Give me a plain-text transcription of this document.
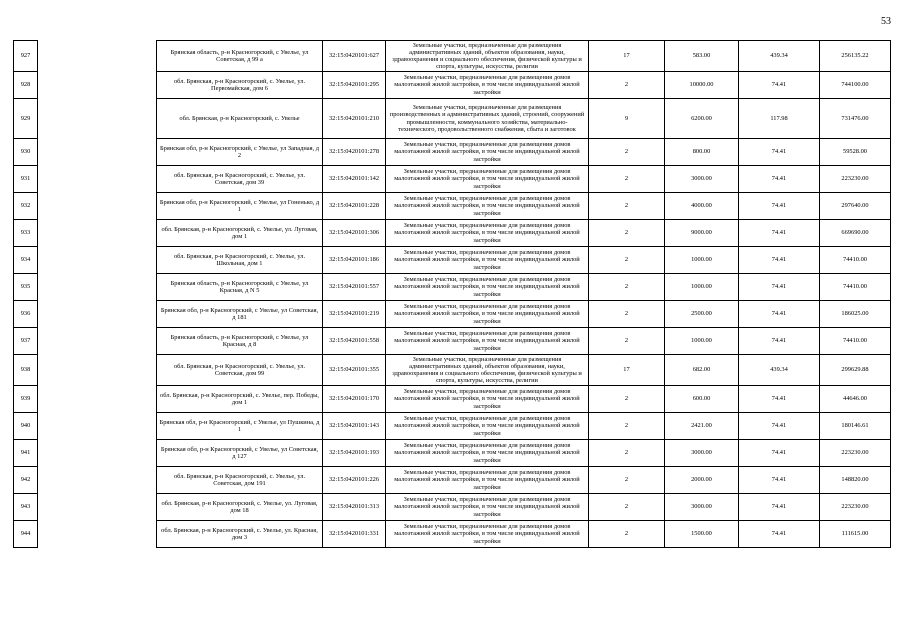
53
927		Брянская область, р-н Красногорский, с Увелье, ул Советская, д 99 а	32:15:0420101:627	Земельные участки, предназначенные для размещения административных зданий, объектов образования, науки, здравоохранения и социального обеспечения, физической культуры и спорта, культуры, искусства, религии	17	583.00	439.34	256135.22
928		обл. Брянская, р-н Красногорский, с. Увелье, ул. Первомайская, дом 6	32:15:0420101:295	Земельные участки, предназначенные для размещения домов малоэтажной жилой застройки, в том числе индивидуальной жилой застройки	2	10000.00	74.41	744100.00
929		обл. Брянская, р-н Красногорский, с. Увелье	32:15:0420101:210	Земельные участки, предназначенные для размещения производственных и административных зданий, строений, сооружений промышленности, коммунального хозяйства, материально-технического, продовольственного снабжения, сбыта и заготовок	9	6200.00	117.98	731476.00
930		Брянская обл, р-н Красногорский, с Увелье, ул Западная, д 2	32:15:0420101:278	Земельные участки, предназначенные для размещения домов малоэтажной жилой застройки, в том числе индивидуальной жилой застройки	2	800.00	74.41	59528.00
931		обл. Брянская, р-н Красногорский, с. Увелье, ул. Советская, дом 39	32:15:0420101:142	Земельные участки, предназначенные для размещения домов малоэтажной жилой застройки, в том числе индивидуальной жилой застройки	2	3000.00	74.41	223230.00
932		Брянская обл, р-н Красногорский, с Увелье, ул Гоненько, д 1	32:15:0420101:228	Земельные участки, предназначенные для размещения домов малоэтажной жилой застройки, в том числе индивидуальной жилой застройки	2	4000.00	74.41	297640.00
933		обл. Брянская, р-н Красногорский, с. Увелье, ул. Луговая, дом 1	32:15:0420101:306	Земельные участки, предназначенные для размещения домов малоэтажной жилой застройки, в том числе индивидуальной жилой застройки	2	9000.00	74.41	669690.00
934		обл. Брянская, р-н Красногорский, с. Увелье, ул. Школьная, дом 1	32:15:0420101:186	Земельные участки, предназначенные для размещения домов малоэтажной жилой застройки, в том числе индивидуальной жилой застройки	2	1000.00	74.41	74410.00
935		Брянская область, р-н Красногорский, с Увелье, ул Красная, д N 5	32:15:0420101:557	Земельные участки, предназначенные для размещения домов малоэтажной жилой застройки, в том числе индивидуальной жилой застройки	2	1000.00	74.41	74410.00
936		Брянская обл, р-н Красногорский, с Увелье, ул Советская, д 181	32:15:0420101:219	Земельные участки, предназначенные для размещения домов малоэтажной жилой застройки, в том числе индивидуальной жилой застройки	2	2500.00	74.41	186025.00
937		Брянская область, р-н Красногорский, с Увелье, ул Красная, д 8	32:15:0420101:558	Земельные участки, предназначенные для размещения домов малоэтажной жилой застройки, в том числе индивидуальной жилой застройки	2	1000.00	74.41	74410.00
938		обл. Брянская, р-н Красногорский, с. Увелье, ул. Советская, дом 99	32:15:0420101:355	Земельные участки, предназначенные для размещения административных зданий, объектов образования, науки, здравоохранения и социального обеспечения, физической культуры и спорта, культуры, искусства, религии	17	682.00	439.34	299629.88
939		обл. Брянская, р-н Красногорский, с. Увелье, пер. Победы, дом 1	32:15:0420101:170	Земельные участки, предназначенные для размещения домов малоэтажной жилой застройки, в том числе индивидуальной жилой застройки	2	600.00	74.41	44646.00
940		Брянская обл, р-н Красногорский, с Увелье, ул Пушкина, д 1	32:15:0420101:143	Земельные участки, предназначенные для размещения домов малоэтажной жилой застройки, в том числе индивидуальной жилой застройки	2	2421.00	74.41	180146.61
941		Брянская обл, р-н Красногорский, с Увелье, ул Советская, д 127	32:15:0420101:193	Земельные участки, предназначенные для размещения домов малоэтажной жилой застройки, в том числе индивидуальной жилой застройки	2	3000.00	74.41	223230.00
942		обл. Брянская, р-н Красногорский, с. Увелье, ул. Советская, дом 191	32:15:0420101:226	Земельные участки, предназначенные для размещения домов малоэтажной жилой застройки, в том числе индивидуальной жилой застройки	2	2000.00	74.41	148820.00
943		обл. Брянская, р-н Красногорский, с. Увелье, ул. Луговая, дом 18	32:15:0420101:313	Земельные участки, предназначенные для размещения домов малоэтажной жилой застройки, в том числе индивидуальной жилой застройки	2	3000.00	74.41	223230.00
944		обл. Брянская, р-н Красногорский, с. Увелье, ул. Красная, дом 3	32:15:0420101:331	Земельные участки, предназначенные для размещения домов малоэтажной жилой застройки, в том числе индивидуальной жилой застройки	2	1500.00	74.41	111615.00
